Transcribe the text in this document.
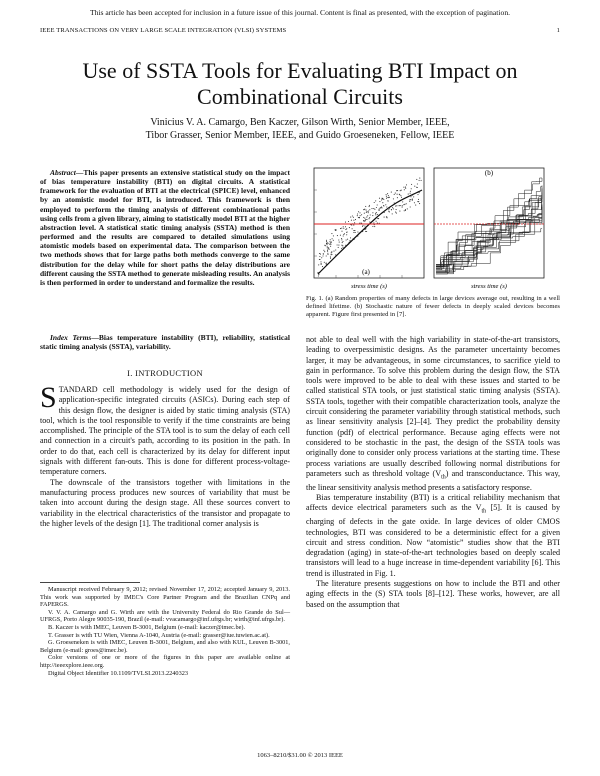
This article has been accepted for inclusion in a future issue of this journal. Content is final as presented, with the exception of pagination.
IEEE TRANSACTIONS ON VERY LARGE SCALE INTEGRATION (VLSI) SYSTEMS	1
Use of SSTA Tools for Evaluating BTI Impact on
Combinational Circuits
Vinicius V. A. Camargo, Ben Kaczer, Gilson Wirth, Senior Member, IEEE,
Tibor Grasser, Senior Member, IEEE, and Guido Groeseneken, Fellow, IEEE

Abstract—This paper presents an extensive statistical study on the impact of bias temperature instability (BTI) on digital circuits. A statistical framework for the evaluation of BTI at the electrical (SPICE) level, enhanced by an atomistic model for BTI, is introduced. This framework is then employed to perform the timing analysis of different combinational paths using cells from a given library, aiming to statistically model BTI at the higher abstraction level. A statistical static timing analysis (SSTA) method is then performed and the results are compared to detailed simulations using atomistic models based on experimental data. The comparison between the two methods shows that for large paths both methods converge to the same distribution for the delay while for short paths the delay distributions are different causing the SSTA method to generate misleading results. An analysis is then performed in order to understand and formalize the results.

Index Terms—Bias temperature instability (BTI), reliability, statistical static timing analysis (SSTA), variability.

I. INTRODUCTION

STANDARD cell methodology is widely used for the design of application-specific integrated circuits (ASICs). During each step of this design flow, the designer is aided by static timing analysis (STA) tool, which is the tool responsible to verify if the time constraints are being accomplished. The principle of the STA tool is to sum the delay of each cell and connection in a circuit's path, according to its position in the path. In order to do that, each cell is characterized by its delay for different input signals with different fan-outs. This is done for different process-voltage-temperature corners.

The downscale of the transistors together with limitations in the manufacturing process produces new sources of variability that must be taken into account during the design stage. All these sources convert to variability in the electrical characteristics of the transistor and propagate to the higher levels of the design [1]. The traditional corner analysis is

Manuscript received February 9, 2012; revised November 17, 2012; accepted January 9, 2013. This work was supported by IMEC's Core Partner Program and the Brazilian CNPq and FAPERGS.

V. V. A. Camargo and G. Wirth are with the University Federal do Rio Grande do Sul—UFRGS, Porto Alegre 90035-190, Brazil (e-mail: vvacamargo@inf.ufrgs.br; wirth@inf.ufrgs.br).

B. Kaczer is with IMEC, Leuven B-3001, Belgium (e-mail: kaczer@imec.be).

T. Grasser is with TU Wien, Vienna A-1040, Austria (e-mail: grasser@iue.tuwien.ac.at).

G. Groeseneken is with IMEC, Leuven B-3001, Belgium, and also with KUL, Leuven B-3001, Belgium (e-mail: groes@imec.be).

Color versions of one or more of the figures in this paper are available online at http://ieeexplore.ieee.org.

Digital Object Identifier 10.1109/TVLSI.2013.2240323

(a)
(b)
stress time (s)	stress time (s)
Fig. 1. (a) Random properties of many defects in large devices average out, resulting in a well defined lifetime. (b) Stochastic nature of fewer defects in deeply scaled devices becomes apparent. Figure first presented in [7].

not able to deal well with the high variability in state-of-the-art transistors, leading to overpessimistic designs. As the parameter uncertainty becomes larger, it may be advantageous, in some circumstances, to sacrifice yield to gain in performance. To solve this problem during the design flow, the STA tools were improved to be able to deal with these issues and started to be called statistical STA tools, or just statistical static timing analysis (SSTA). SSTA tools, together with their compatible characterization tools, analyze the circuit considering the parameter variability through statistical methods, such as linear sensitivity analysis [2]–[4]. They predict the probability density function (pdf) of electrical performance. Because aging effects were not considered to be stochastic in the past, the design of the SSTA tools was originally done to consider only process variations at the starting time. These process variations are usually described following normal distributions for parameters such as threshold voltage $(V_{th})$ and transconductance. This way, the linear sensitivity analysis method presents a satisfactory response.

Bias temperature instability (BTI) is a critical reliability mechanism that affects device electrical parameters such as the $V_{th}$ [5]. It is caused by charging of defects in the gate oxide. In large devices of older CMOS technologies, BTI was considered to be a deterministic effect for a given circuit and stress condition. Now “atomistic” studies show that the BTI degradation (aging) in state-of-the-art technologies based on deeply scaled transistors will lead to a huge increase in time-dependent variability [6]. This trend is illustrated in Fig. 1.

The literature presents suggestions on how to include the BTI and other aging effects in the (S) STA tools [8]–[12]. These works, however, are all based on the assumption that

1063–8210/$31.00 © 2013 IEEE
